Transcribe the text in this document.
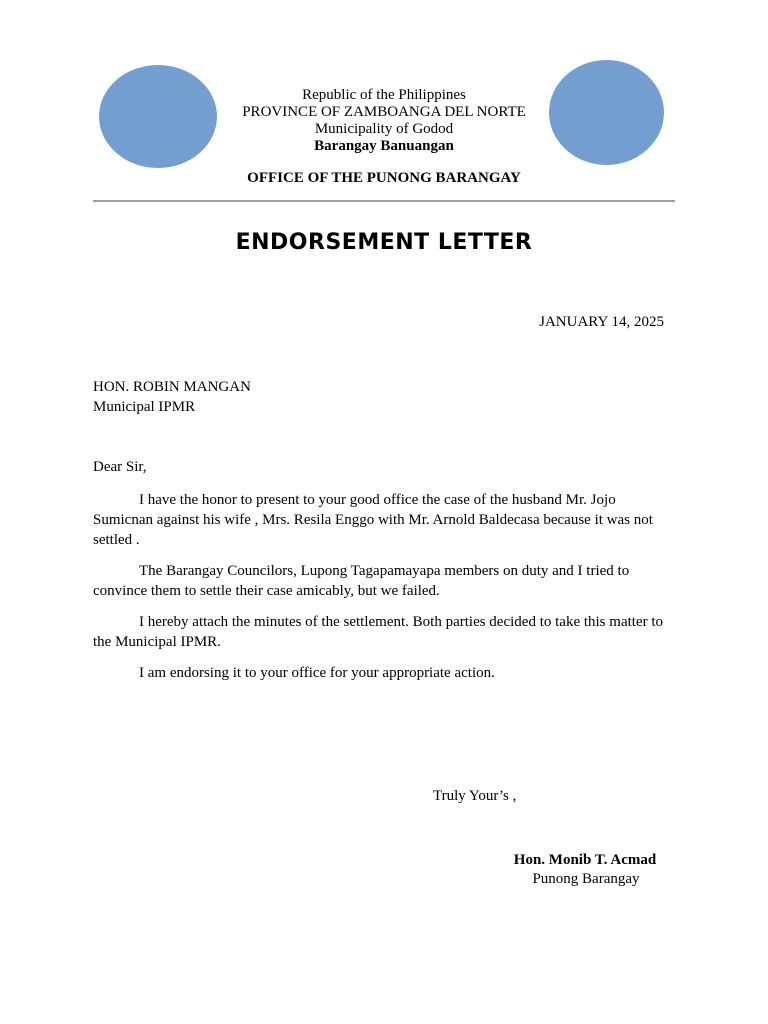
Republic of the Philippines
PROVINCE OF ZAMBOANGA DEL NORTE
Municipality of Godod
Barangay Banuangan
OFFICE OF THE PUNONG BARANGAY
ENDORSEMENT LETTER
JANUARY 14, 2025
HON. ROBIN MANGAN
Municipal IPMR
Dear Sir,

I have the honor to present to your good office the case of the husband Mr. Jojo Sumicnan against his wife , Mrs. Resila Enggo with Mr. Arnold Baldecasa because it was not settled .

The Barangay Councilors, Lupong Tagapamayapa members on duty and I tried to convince them to settle their case amicably, but we failed.

I hereby attach the minutes of the settlement. Both parties decided to take this matter to the Municipal IPMR.

I am endorsing it to your office for your appropriate action.

Truly Your’s ,
Hon. Monib T. Acmad
Punong Barangay
